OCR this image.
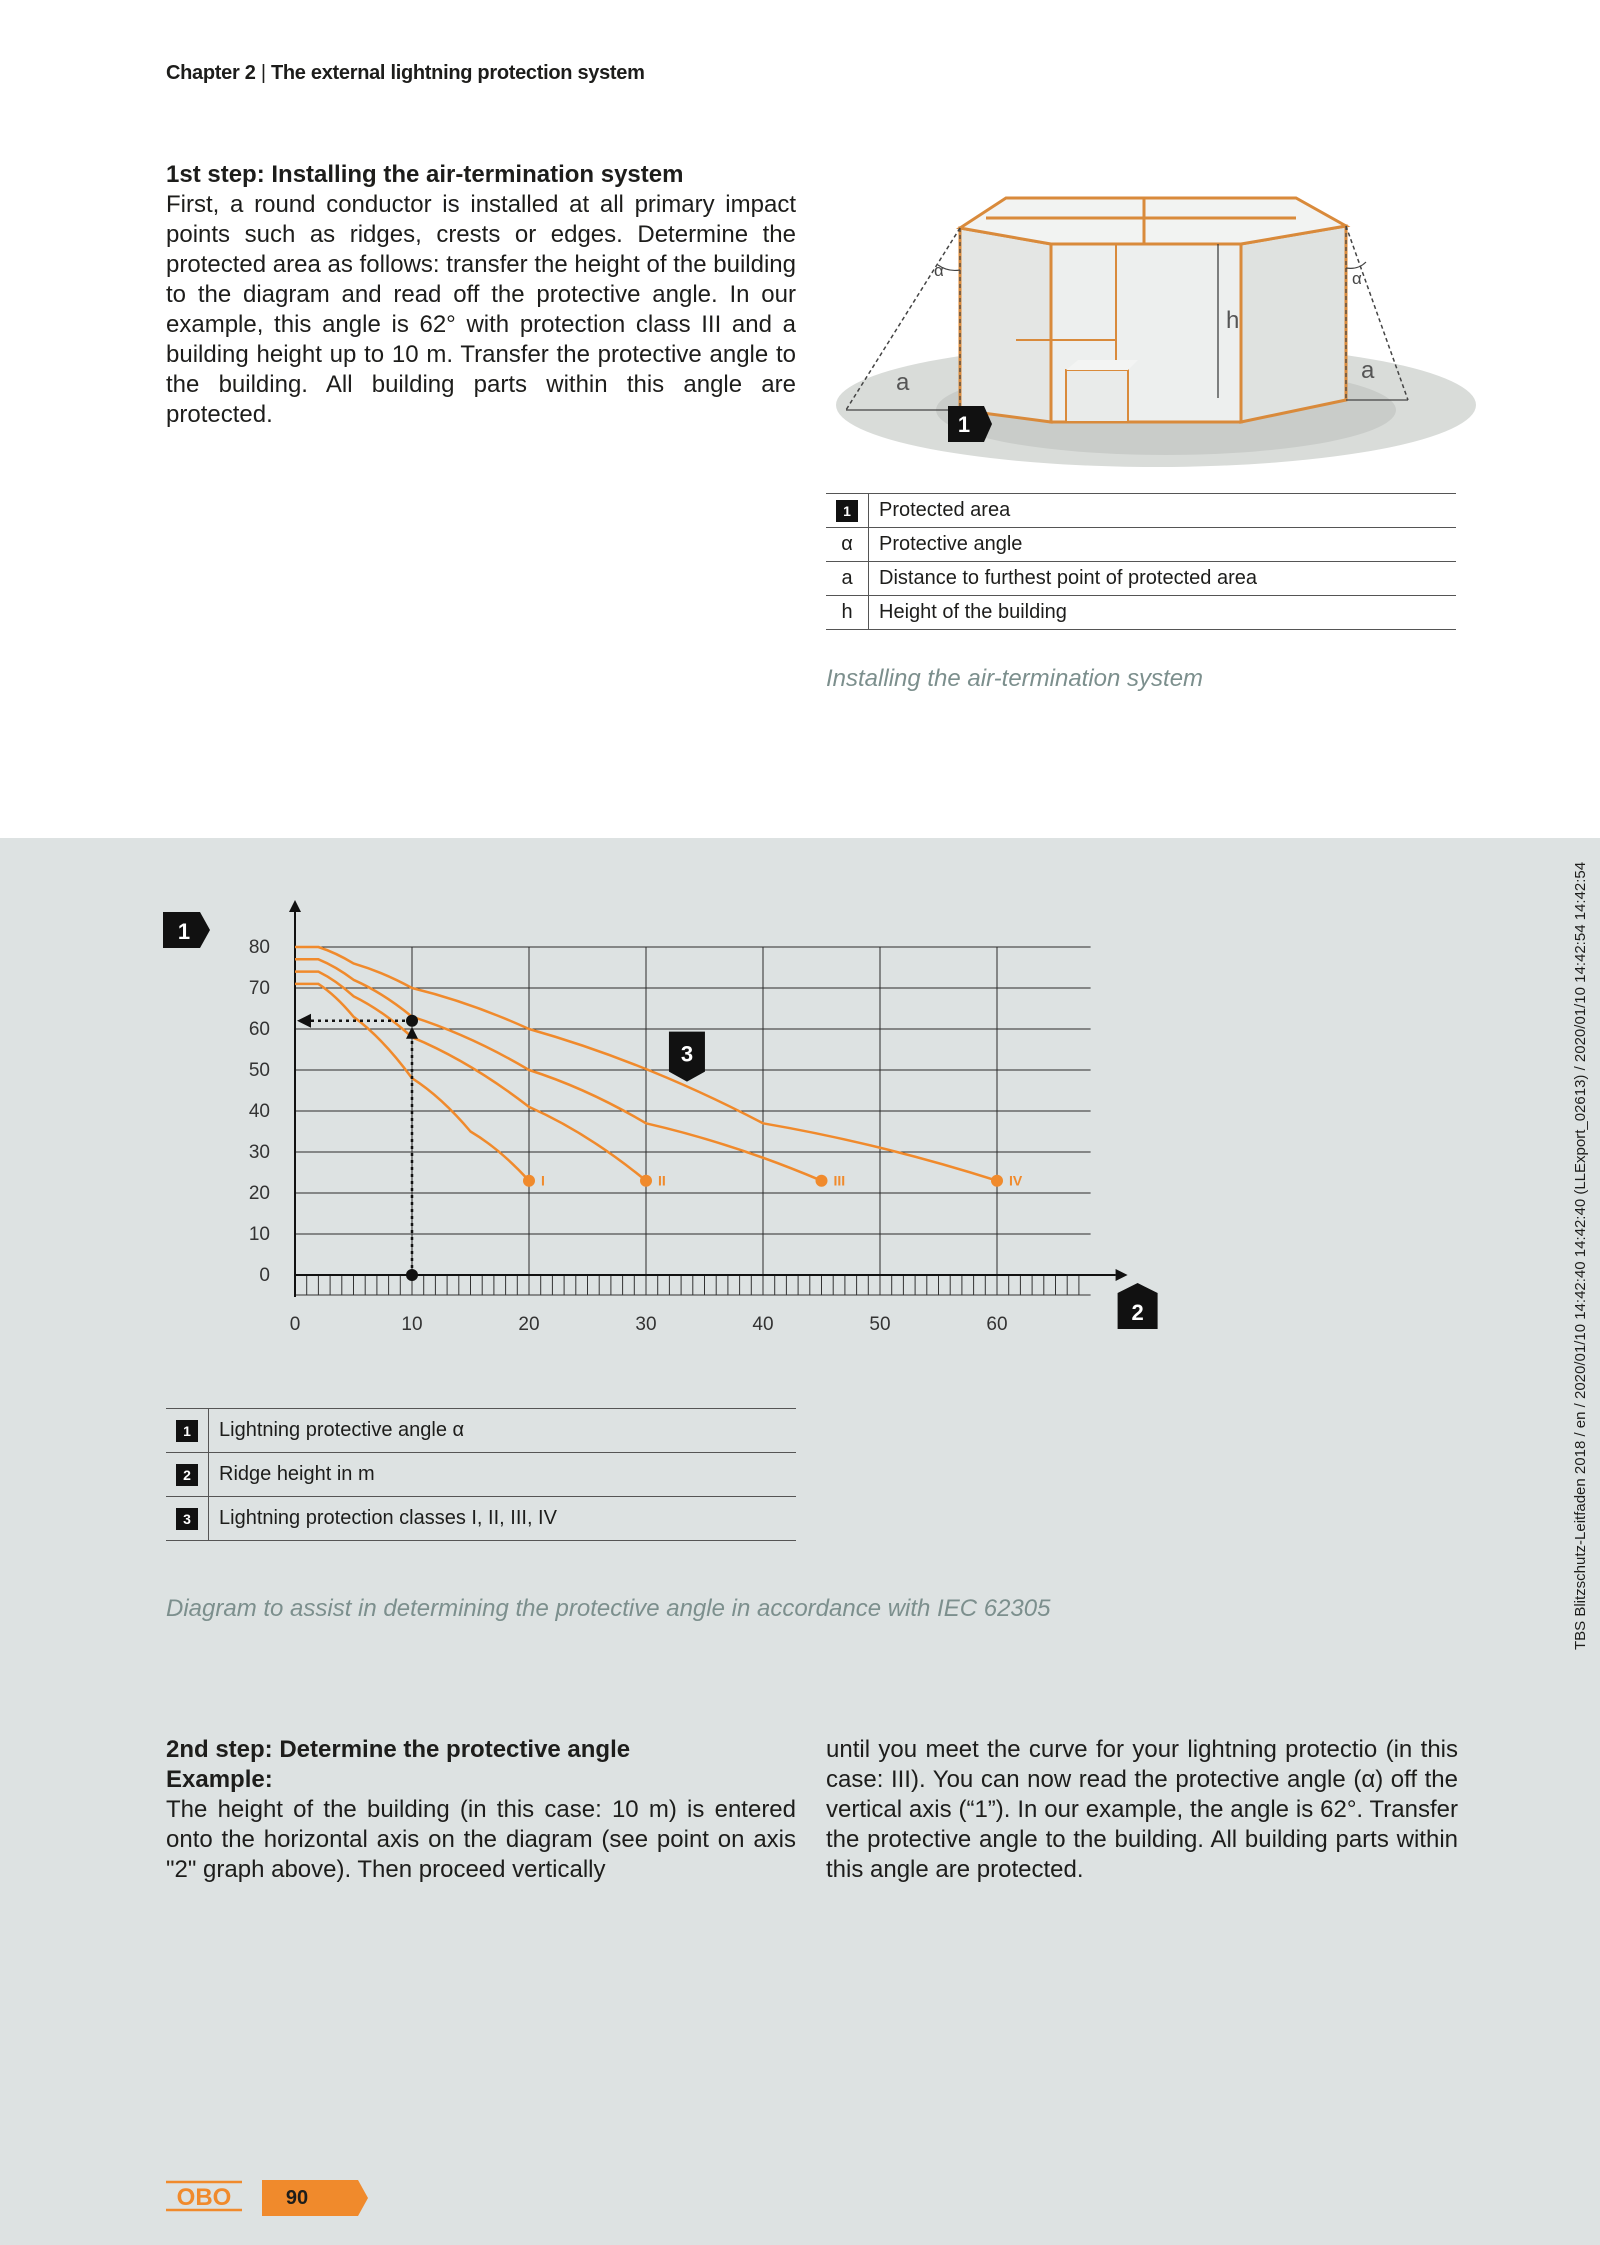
Chapter 2 | The external lightning protection system
1st step: Installing the air-termination system
First, a round conductor is installed at all primary impact points such as ridges, crests or edges. Determine the protected area as follows: transfer the height of the building to the diagram and read off the protective angle. In our example, this angle is 62° with protection class III and a building height up to 10 m. Transfer the protective angle to the building. All building parts within this angle are protected.
α	α
h
a	a
1
1	Protected area
α	Protective angle
a	Distance to furthest point of protected area
h	Height of the building
Installing the air-termination system
0
10
20
30
40
50
60
70
80
0	10	20	30	40	50	60
I	II	III	IV
1
2
3
1	Lightning protective angle α
2	Ridge height in m
3	Lightning protection classes I, II, III, IV
Diagram to assist in determining the protective angle in accordance with IEC 62305
2nd step: Determine the protective angle
Example:
The height of the building (in this case: 10 m) is entered onto the horizontal axis on the diagram (see point on axis "2" graph above). Then proceed vertically
until you meet the curve for your lightning protectio (in this case: III). You can now read the protective angle (α) off the vertical axis (“1”). In our example, the angle is 62°. Transfer the protective angle to the building. All building parts within this angle are protected.
TBS Blitzschutz-Leitfaden 2018 / en / 2020/01/10 14:42:40 14:42:40 (LLExport_02613) / 2020/01/10 14:42:54 14:42:54
OBO	90
